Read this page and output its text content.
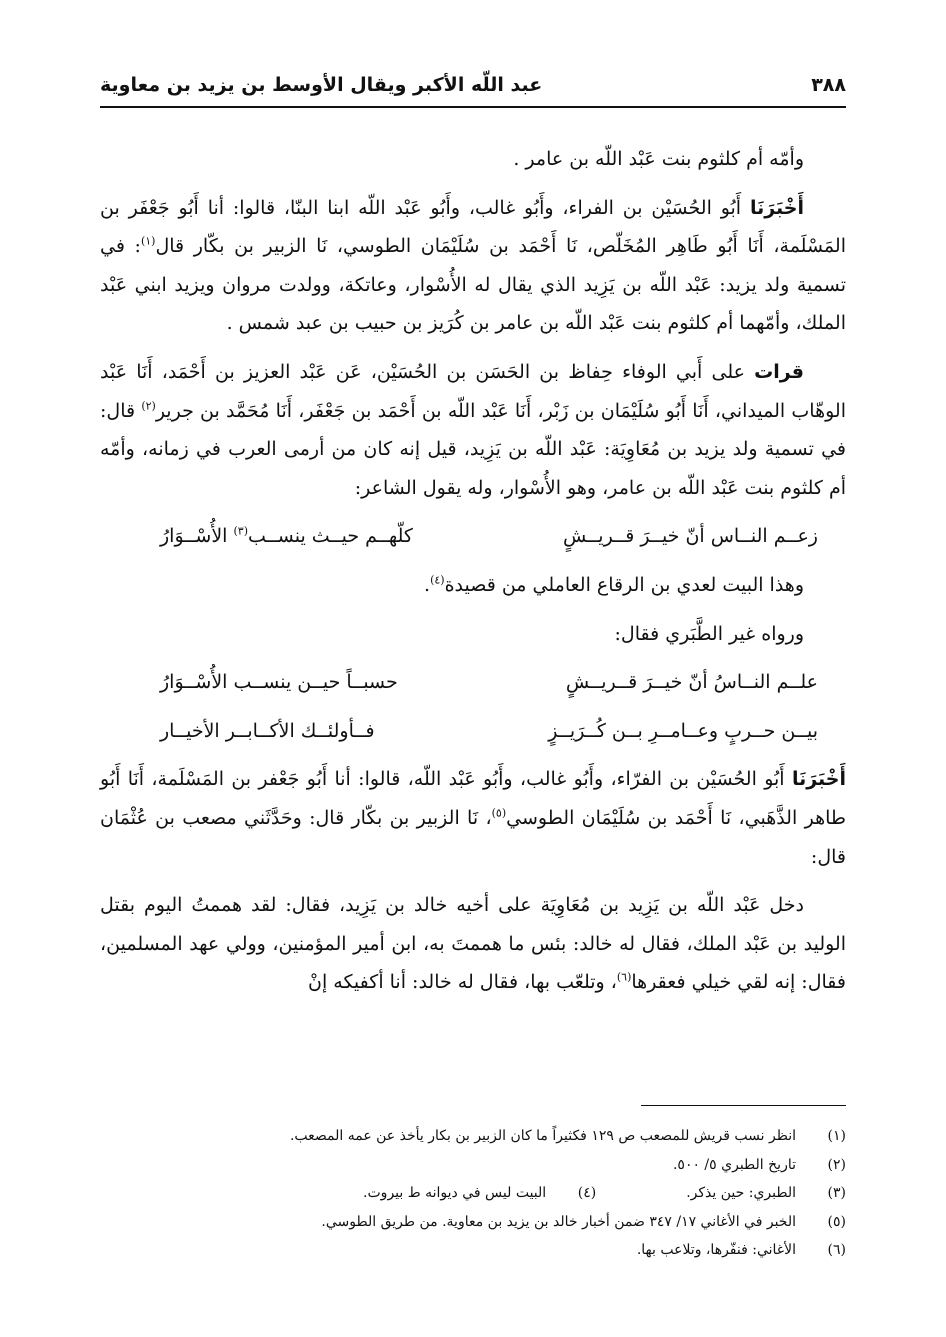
٣٨٨
عبد اللّه الأكبر ويقال الأوسط بن يزيد بن معاوية

وأمّه أم كلثوم بنت عَبْد اللّه بن عامر .

أَخْبَرَنَا أَبُو الحُسَيْن بن الفراء، وأَبُو غالب، وأَبُو عَبْد اللّه ابنا البنّا، قالوا: أنا أَبُو جَعْفَر بن المَسْلَمة، أَنَا أَبُو طَاهِر المُخَلّص، نَا أَحْمَد بن سُلَيْمَان الطوسي، نَا الزبير بن بكّار قال$^{(١)}$: في تسمية ولد يزيد: عَبْد اللّه بن يَزِيد الذي يقال له الأُسْوار، وعاتكة، وولدت مروان ويزيد ابني عَبْد الملك، وأمّهما أم كلثوم بنت عَبْد اللّه بن عامر بن كُرَيز بن حبيب بن عبد شمس .

قرات على أَبي الوفاء حِفاظ بن الحَسَن بن الحُسَيْن، عَن عَبْد العزيز بن أَحْمَد، أَنَا عَبْد الوهّاب الميداني، أَنَا أَبُو سُلَيْمَان بن زَبْر، أَنَا عَبْد اللّه بن أَحْمَد بن جَعْفَر، أَنَا مُحَمَّد بن جرير$^{(٢)}$ قال: في تسمية ولد يزيد بن مُعَاوِيَة: عَبْد اللّه بن يَزِيد، قيل إنه كان من أرمى العرب في زمانه، وأمّه أم كلثوم بنت عَبْد اللّه بن عامر، وهو الأُسْوار، وله يقول الشاعر:

زعــم النــاس أنّ خيــرَ قــريــشٍ
كلّهــم حيــث ينســب$^{(٣)}$ الأُسْــوَارُ

وهذا البيت لعدي بن الرقاع العاملي من قصيدة$^{(٤)}$.

ورواه غير الطَّبَري فقال:

علــم النــاسُ أنّ خيــرَ قــريــشٍ
حسبــاً حيــن ينســب الأُسْــوَارُ

بيــن حــربٍ وعــامــرِ بــن كُــرَيــزٍ
فــأولئــك الأكــابــر الأخيــار

أَخْبَرَنَا أَبُو الحُسَيْن بن الفرّاء، وأَبُو غالب، وأَبُو عَبْد اللّه، قالوا: أنا أَبُو جَعْفر بن المَسْلَمة، أَنَا أَبُو طاهر الذَّهَبي، نَا أَحْمَد بن سُلَيْمَان الطوسي$^{(٥)}$، نَا الزبير بن بكّار قال: وحَدَّثَني مصعب بن عُثْمَان قال:

دخل عَبْد اللّه بن يَزِيد بن مُعَاوِيَة على أخيه خالد بن يَزِيد، فقال: لقد هممتُ اليوم بقتل الوليد بن عَبْد الملك، فقال له خالد: بئس ما هممتَ به، ابن أمير المؤمنين، وولي عهد المسلمين، فقال: إنه لقي خيلي فعقرها$^{(٦)}$، وتلعّب بها، فقال له خالد: أنا أكفيكه إنْ

(١)
انظر نسب قريش للمصعب ص ١٢٩ فكثيراً ما كان الزبير بن بكار يأخذ عن عمه المصعب.
(٢)
تاريخ الطبري ٥/ ٥٠٠.
(٣)
الطبري: حين يذكر.
(٤)
البيت ليس في ديوانه ط بيروت.
(٥)
الخبر في الأغاني ١٧/ ٣٤٧ ضمن أخبار خالد بن يزيد بن معاوية. من طريق الطوسي.
(٦)
الأغاني: فنفّرها، وتلاعب بها.
